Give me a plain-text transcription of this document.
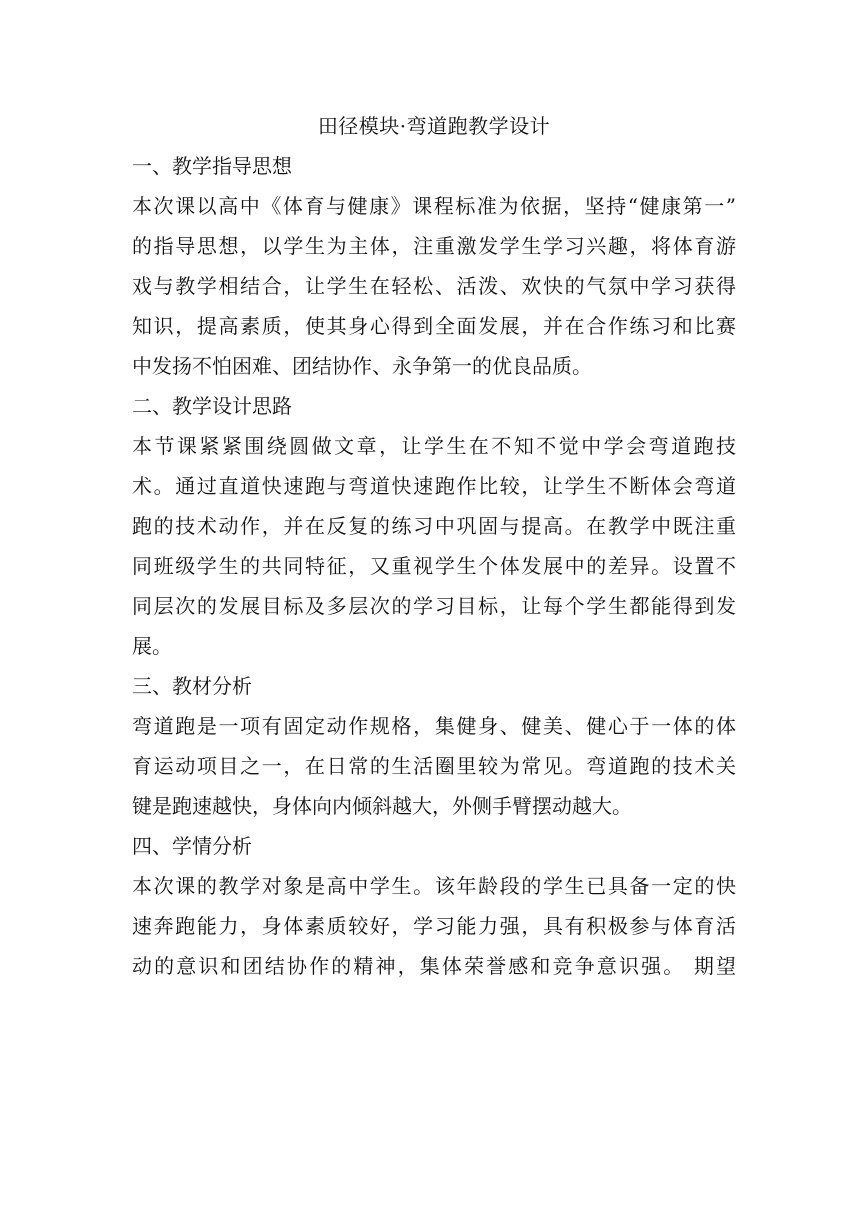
田径模块·弯道跑教学设计
一、教学指导思想
本次课以高中《体育与健康》课程标准为依据，坚持“健康第一”
的指导思想，以学生为主体，注重激发学生学习兴趣，将体育游
戏与教学相结合，让学生在轻松、活泼、欢快的气氛中学习获得
知识，提高素质，使其身心得到全面发展，并在合作练习和比赛
中发扬不怕困难、团结协作、永争第一的优良品质。
二、教学设计思路
本节课紧紧围绕圆做文章，让学生在不知不觉中学会弯道跑技
术。通过直道快速跑与弯道快速跑作比较，让学生不断体会弯道
跑的技术动作，并在反复的练习中巩固与提高。在教学中既注重
同班级学生的共同特征，又重视学生个体发展中的差异。设置不
同层次的发展目标及多层次的学习目标，让每个学生都能得到发
展。
三、教材分析
弯道跑是一项有固定动作规格，集健身、健美、健心于一体的体
育运动项目之一，在日常的生活圈里较为常见。弯道跑的技术关
键是跑速越快，身体向内倾斜越大，外侧手臂摆动越大。
四、学情分析
本次课的教学对象是高中学生。该年龄段的学生已具备一定的快
速奔跑能力，身体素质较好，学习能力强，具有积极参与体育活
动的意识和团结协作的精神，集体荣誉感和竞争意识强。 期望
